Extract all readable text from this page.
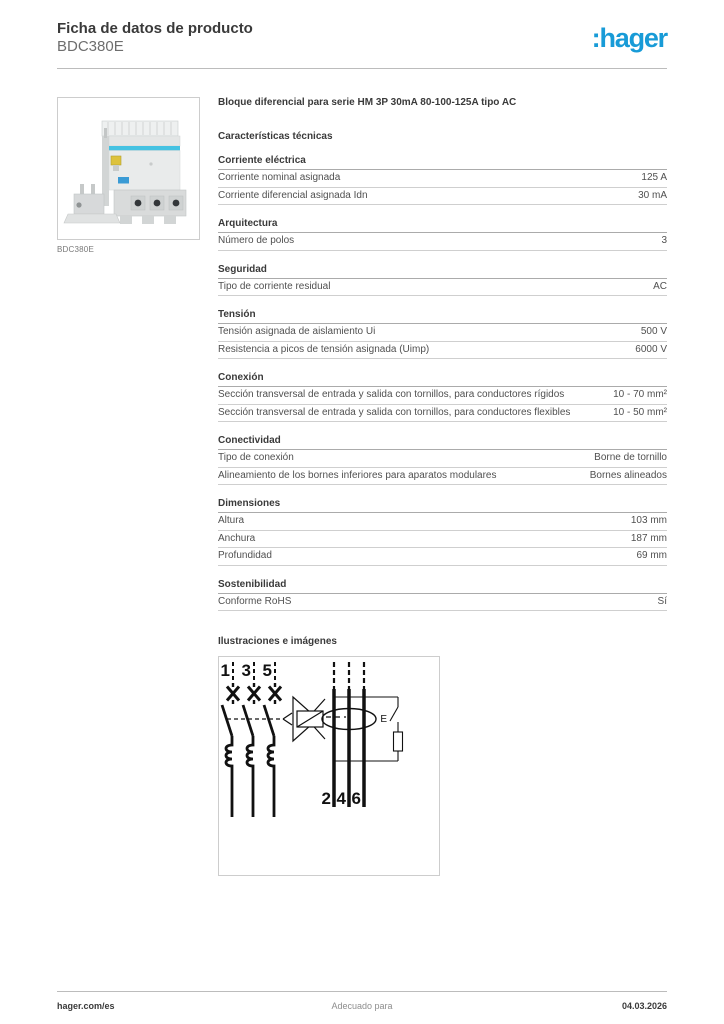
Ficha de datos de producto
BDC380E	:hager
BDC380E
Bloque diferencial para serie HM 3P 30mA 80-100-125A tipo AC
Características técnicas
Corriente eléctrica
Corriente nominal asignada	125 A
Corriente diferencial asignada Idn	30 mA
Arquitectura
Número de polos	3
Seguridad
Tipo de corriente residual	AC
Tensión
Tensión asignada de aislamiento Ui	500 V
Resistencia a picos de tensión asignada (Uimp)	6000 V
Conexión
Sección transversal de entrada y salida con tornillos, para conductores rígidos	10 - 70 mm²
Sección transversal de entrada y salida con tornillos, para conductores flexibles	10 - 50 mm²
Conectividad
Tipo de conexión	Borne de tornillo
Alineamiento de los bornes inferiores para aparatos modulares	Bornes alineados
Dimensiones
Altura	103 mm
Anchura	187 mm
Profundidad	69 mm
Sostenibilidad
Conforme RoHS	Sí
Ilustraciones e imágenes
1 3 5
E
2 4 6
hager.com/es	Adecuado para	04.03.2026
